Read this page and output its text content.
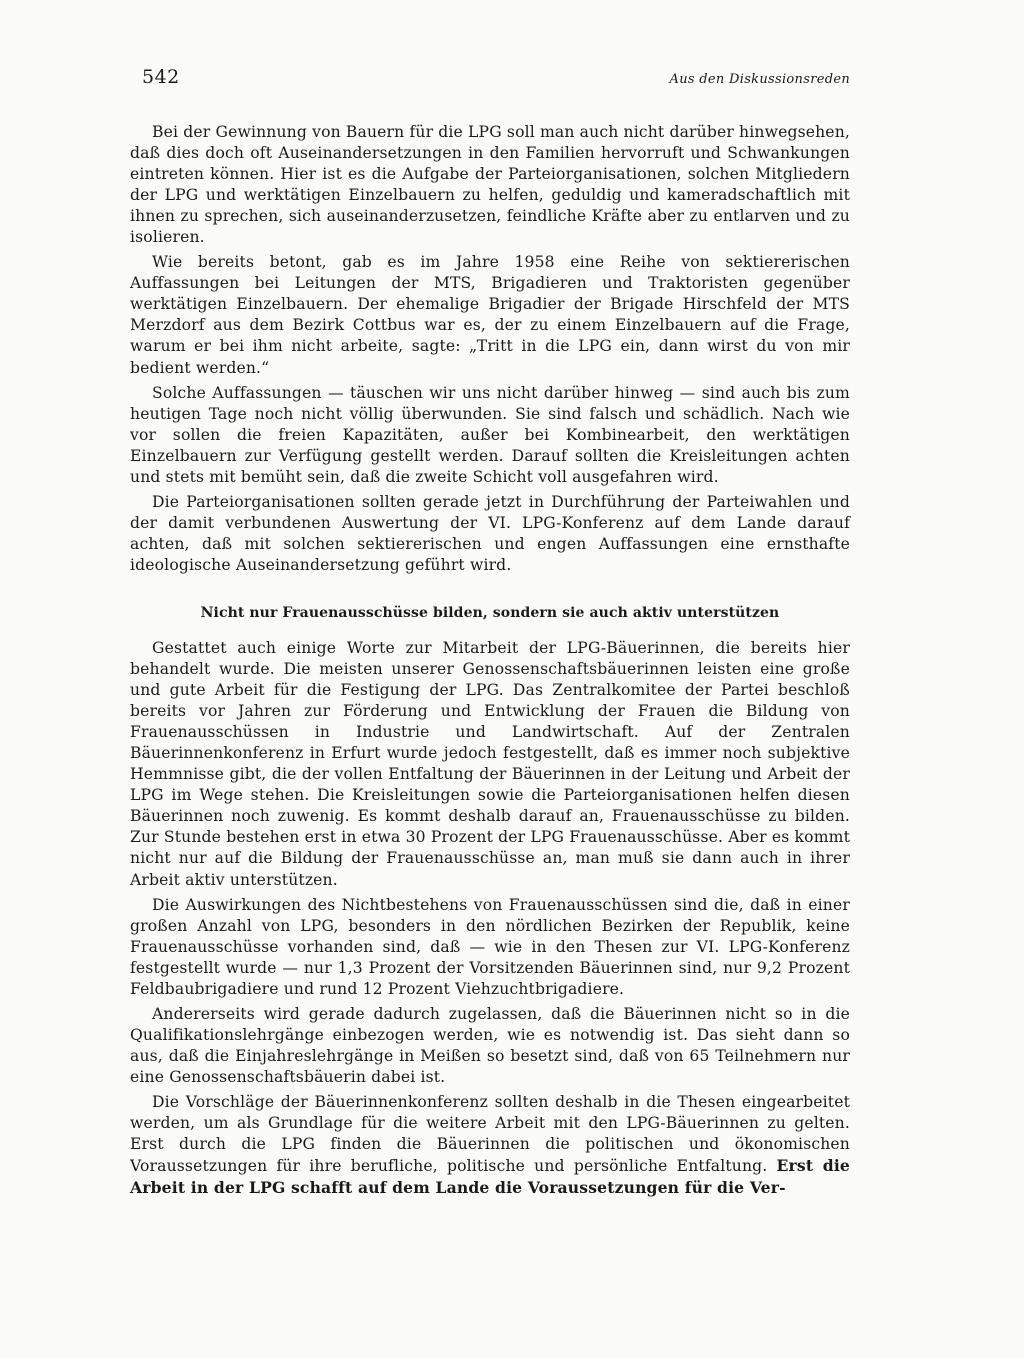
542	Aus den Diskussionsreden

Bei der Gewinnung von Bauern für die LPG soll man auch nicht darüber hinwegsehen, daß dies doch oft Auseinandersetzungen in den Familien hervorruft und Schwankungen eintreten können. Hier ist es die Aufgabe der Parteiorganisationen, solchen Mitgliedern der LPG und werktätigen Einzelbauern zu helfen, geduldig und kameradschaftlich mit ihnen zu sprechen, sich auseinanderzusetzen, feindliche Kräfte aber zu entlarven und zu isolieren.

Wie bereits betont, gab es im Jahre 1958 eine Reihe von sektiererischen Auffassungen bei Leitungen der MTS, Brigadieren und Traktoristen gegenüber werktätigen Einzelbauern. Der ehemalige Brigadier der Brigade Hirschfeld der MTS Merzdorf aus dem Bezirk Cottbus war es, der zu einem Einzelbauern auf die Frage, warum er bei ihm nicht arbeite, sagte: „Tritt in die LPG ein, dann wirst du von mir bedient werden.“

Solche Auffassungen — täuschen wir uns nicht darüber hinweg — sind auch bis zum heutigen Tage noch nicht völlig überwunden. Sie sind falsch und schädlich. Nach wie vor sollen die freien Kapazitäten, außer bei Kombinearbeit, den werktätigen Einzelbauern zur Verfügung gestellt werden. Darauf sollten die Kreisleitungen achten und stets mit bemüht sein, daß die zweite Schicht voll ausgefahren wird.

Die Parteiorganisationen sollten gerade jetzt in Durchführung der Parteiwahlen und der damit verbundenen Auswertung der VI. LPG-Konferenz auf dem Lande darauf achten, daß mit solchen sektiererischen und engen Auffassungen eine ernsthafte ideologische Auseinandersetzung geführt wird.

Nicht nur Frauenausschüsse bilden, sondern sie auch aktiv unterstützen

Gestattet auch einige Worte zur Mitarbeit der LPG-Bäuerinnen, die bereits hier behandelt wurde. Die meisten unserer Genossenschaftsbäuerinnen leisten eine große und gute Arbeit für die Festigung der LPG. Das Zentralkomitee der Partei beschloß bereits vor Jahren zur Förderung und Entwicklung der Frauen die Bildung von Frauenausschüssen in Industrie und Landwirtschaft. Auf der Zentralen Bäuerinnenkonferenz in Erfurt wurde jedoch festgestellt, daß es immer noch subjektive Hemmnisse gibt, die der vollen Entfaltung der Bäuerinnen in der Leitung und Arbeit der LPG im Wege stehen. Die Kreisleitungen sowie die Parteiorganisationen helfen diesen Bäuerinnen noch zuwenig. Es kommt deshalb darauf an, Frauenausschüsse zu bilden. Zur Stunde bestehen erst in etwa 30 Prozent der LPG Frauenausschüsse. Aber es kommt nicht nur auf die Bildung der Frauenausschüsse an, man muß sie dann auch in ihrer Arbeit aktiv unterstützen.

Die Auswirkungen des Nichtbestehens von Frauenausschüssen sind die, daß in einer großen Anzahl von LPG, besonders in den nördlichen Bezirken der Republik, keine Frauenausschüsse vorhanden sind, daß — wie in den Thesen zur VI. LPG-Konferenz festgestellt wurde — nur 1,3 Prozent der Vorsitzenden Bäuerinnen sind, nur 9,2 Prozent Feldbaubrigadiere und rund 12 Prozent Viehzuchtbrigadiere.

Andererseits wird gerade dadurch zugelassen, daß die Bäuerinnen nicht so in die Qualifikationslehrgänge einbezogen werden, wie es notwendig ist. Das sieht dann so aus, daß die Einjahreslehrgänge in Meißen so besetzt sind, daß von 65 Teilnehmern nur eine Genossenschaftsbäuerin dabei ist.

Die Vorschläge der Bäuerinnenkonferenz sollten deshalb in die Thesen eingearbeitet werden, um als Grundlage für die weitere Arbeit mit den LPG-Bäuerinnen zu gelten. Erst durch die LPG finden die Bäuerinnen die politischen und ökonomischen Voraussetzungen für ihre berufliche, politische und persönliche Entfaltung. Erst die Arbeit in der LPG schafft auf dem Lande die Voraussetzungen für die Ver-
